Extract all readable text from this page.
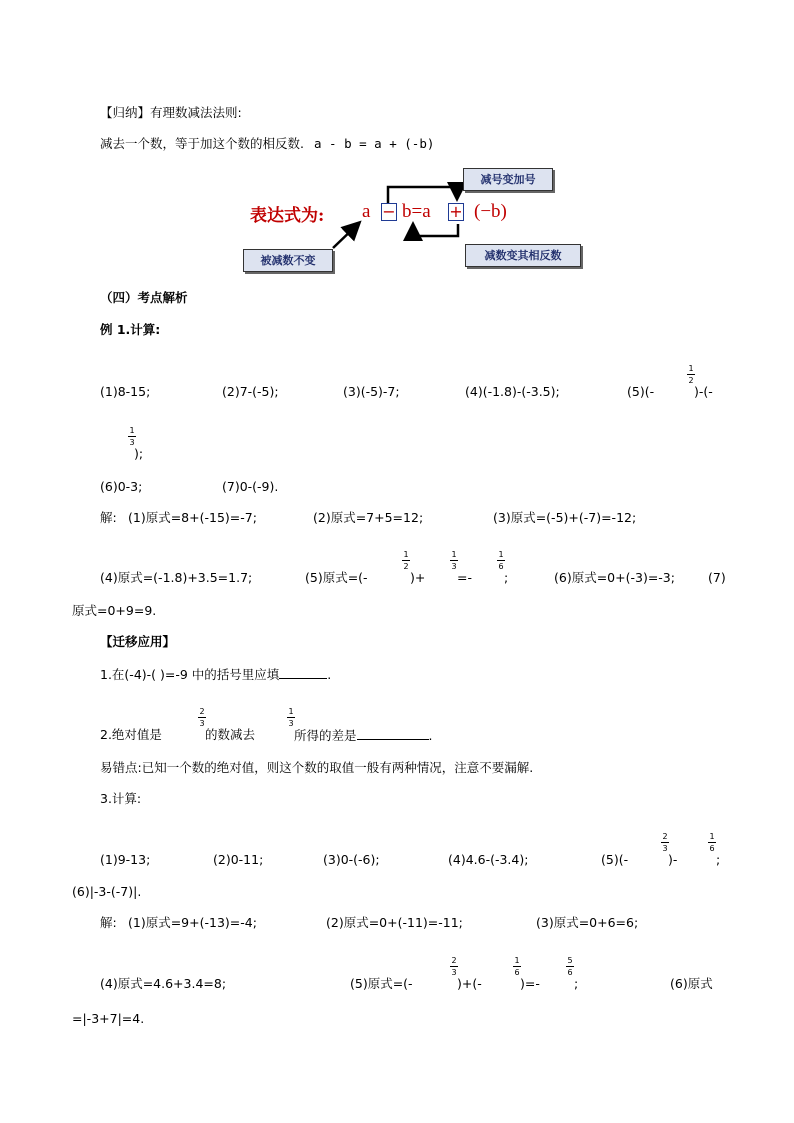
【归纳】有理数减法法则:
减去一个数，等于加这个数的相反数. a - b = a + (-b)
表达式为: a − b=a + (−b)
减号变加号
被减数不变	减数变其相反数
（四）考点解析
例 1.计算:
(1)8-15;	(2)7-(-5);	(3)(-5)-7;	(4)(-1.8)-(-3.5);	(5)(-
1
2
)-(-
1
3
);
(6)0-3;	(7)0-(-9).
解: (1)原式=8+(-15)=-7;	(2)原式=7+5=12;	(3)原式=(-5)+(-7)=-12;
(4)原式=(-1.8)+3.5=1.7;	(5)原式=(-
1
2
)+
1
3
=-
1
6
;	(6)原式=0+(-3)=-3;	(7)
原式=0+9=9.
【迁移应用】
1.在(-4)-( )=-9 中的括号里应填	.
2.绝对值是
2
3
的数减去
1
3
所得的差是	.
易错点:已知一个数的绝对值，则这个数的取值一般有两种情况，注意不要漏解.
3.计算:
(1)9-13;	(2)0-11;	(3)0-(-6);	(4)4.6-(-3.4);	(5)(-
2
3
)-
1
6
;
(6)|-3-(-7)|.
解: (1)原式=9+(-13)=-4;	(2)原式=0+(-11)=-11;	(3)原式=0+6=6;
(4)原式=4.6+3.4=8;	(5)原式=(-
2
3
)+(-
1
6
)=-
5
6
;	(6)原式
=|-3+7|=4.
